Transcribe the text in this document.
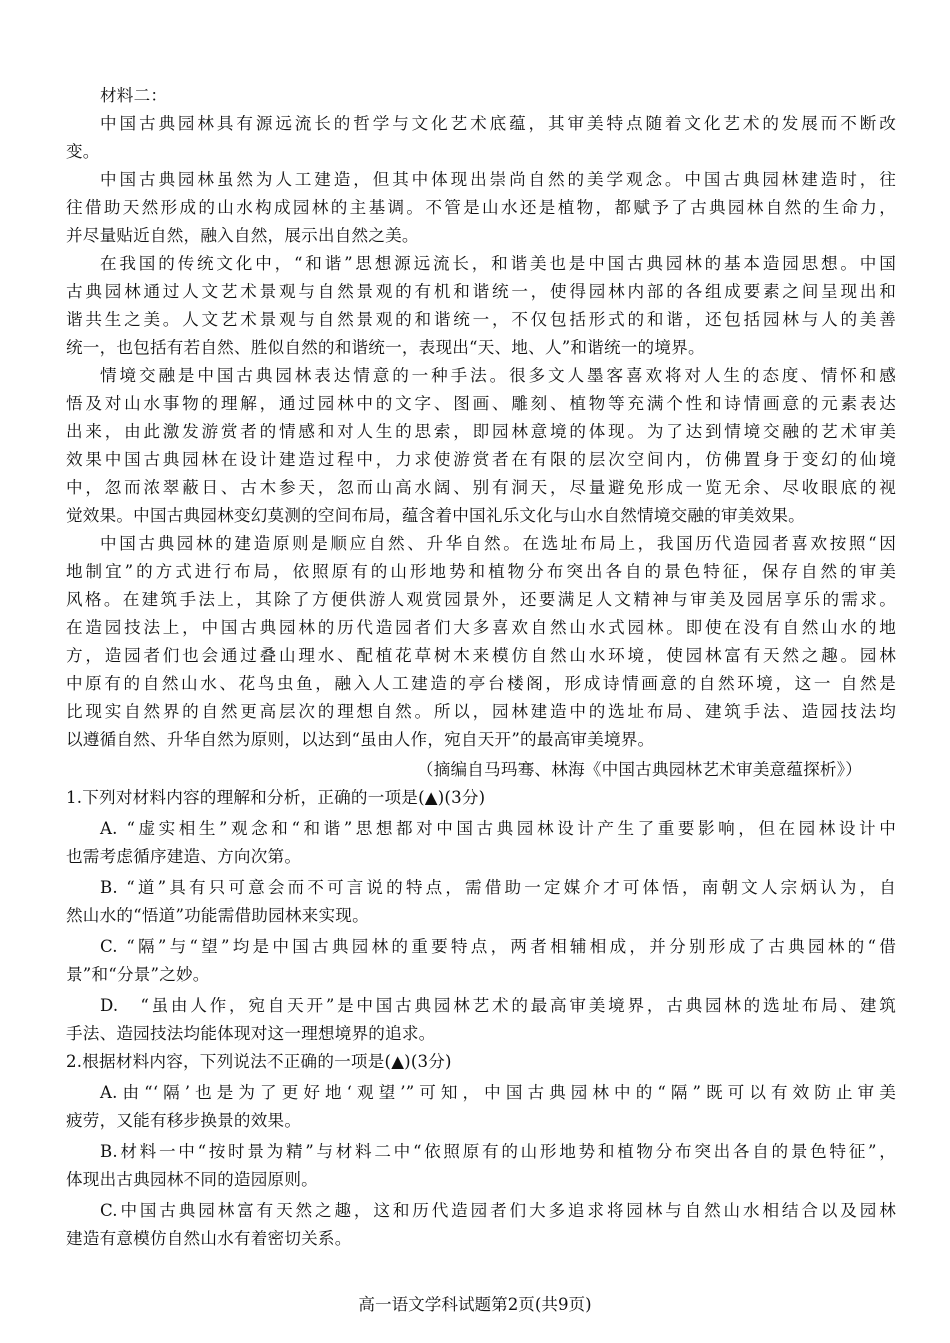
材料二：
中国古典园林具有源远流长的哲学与文化艺术底蕴，其审美特点随着文化艺术的发展而不断改
变。
中国古典园林虽然为人工建造，但其中体现出崇尚自然的美学观念。中国古典园林建造时，往
往借助天然形成的山水构成园林的主基调。不管是山水还是植物，都赋予了古典园林自然的生命力，
并尽量贴近自然，融入自然，展示出自然之美。
在我国的传统文化中，“和谐”思想源远流长，和谐美也是中国古典园林的基本造园思想。中国
古典园林通过人文艺术景观与自然景观的有机和谐统一，使得园林内部的各组成要素之间呈现出和
谐共生之美。人文艺术景观与自然景观的和谐统一，不仅包括形式的和谐，还包括园林与人的美善
统一，也包括有若自然、胜似自然的和谐统一，表现出“天、地、人”和谐统一的境界。
情境交融是中国古典园林表达情意的一种手法。很多文人墨客喜欢将对人生的态度、情怀和感
悟及对山水事物的理解，通过园林中的文字、图画、雕刻、植物等充满个性和诗情画意的元素表达
出来，由此激发游赏者的情感和对人生的思索，即园林意境的体现。为了达到情境交融的艺术审美
效果中国古典园林在设计建造过程中，力求使游赏者在有限的层次空间内，仿佛置身于变幻的仙境
中，忽而浓翠蔽日、古木参天，忽而山高水阔、别有洞天，尽量避免形成一览无余、尽收眼底的视
觉效果。中国古典园林变幻莫测的空间布局，蕴含着中国礼乐文化与山水自然情境交融的审美效果。
中国古典园林的建造原则是顺应自然、升华自然。在选址布局上，我国历代造园者喜欢按照“因
地制宜”的方式进行布局，依照原有的山形地势和植物分布突出各自的景色特征，保存自然的审美
风格。在建筑手法上，其除了方便供游人观赏园景外，还要满足人文精神与审美及园居享乐的需求。
在造园技法上，中国古典园林的历代造园者们大多喜欢自然山水式园林。即使在没有自然山水的地
方，造园者们也会通过叠山理水、配植花草树木来模仿自然山水环境，使园林富有天然之趣。园林
中原有的自然山水、花鸟虫鱼，融入人工建造的亭台楼阁，形成诗情画意的自然环境，这一 自然是
比现实自然界的自然更高层次的理想自然。所以，园林建造中的选址布局、建筑手法、造园技法均
以遵循自然、升华自然为原则，以达到“虽由人作，宛自天开”的最高审美境界。
（摘编自马玛骞、林海《中国古典园林艺术审美意蕴探析》）
1.下列对材料内容的理解和分析，正确的一项是(▲)(3分)
A. “虚实相生”观念和“和谐”思想都对中国古典园林设计产生了重要影响，但在园林设计中
也需考虑循序建造、方向次第。
B. “道”具有只可意会而不可言说的特点，需借助一定媒介才可体悟，南朝文人宗炳认为，自
然山水的“悟道”功能需借助园林来实现。
C. “隔”与“望”均是中国古典园林的重要特点，两者相辅相成，并分别形成了古典园林的“借
景”和“分景”之妙。
D.　“虽由人作，宛自天开”是中国古典园林艺术的最高审美境界，古典园林的选址布局、建筑
手法、造园技法均能体现对这一理想境界的追求。
2.根据材料内容，下列说法不正确的一项是(▲)(3分)
A.由“‘隔’也是为了更好地‘观望’”可知，中国古典园林中的“隔”既可以有效防止审美
疲劳，又能有移步换景的效果。
B.材料一中“按时景为精”与材料二中“依照原有的山形地势和植物分布突出各自的景色特征”，
体现出古典园林不同的造园原则。
C.中国古典园林富有天然之趣，这和历代造园者们大多追求将园林与自然山水相结合以及园林
建造有意模仿自然山水有着密切关系。
高一语文学科试题第2页(共9页)
